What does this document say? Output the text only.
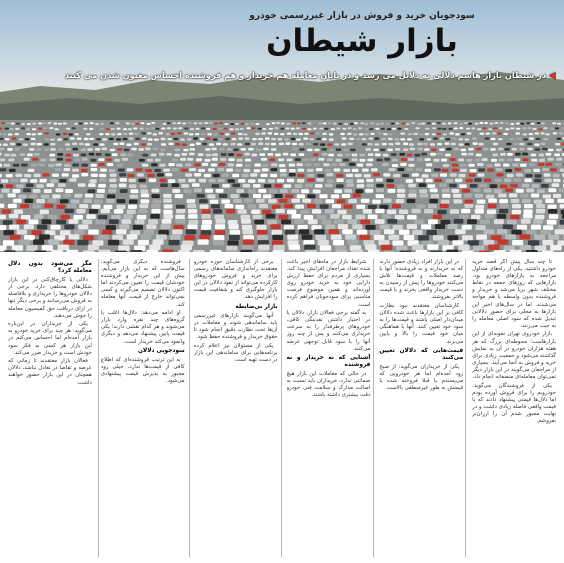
سودجویان خرید و فروش در بازار غیررسمی خودرو
بازار شیطان
◀در شیطان بازار هاسم دلالی به دلایل می رسد و در پایان معامله هم خریدار و هم فروشنده احساس مغبون شدن می کنند

تا چند سال پیش اگر قصد خرید خودرو داشتید، یکی از راه‌های متداول مراجعه به بازارهای خودرو بود. بازارهایی که روزهای جمعه در نقاط مختلف شهر برپا می‌شد و خریدار و فروشنده بدون واسطه با هم مواجه می‌شدند. اما در سال‌های اخیر این بازارها به محلی برای حضور دلالانی تبدیل شده که سود اصلی معامله را به جیب می‌زنند.

بازار خودروی تهران نمونه‌ای از این بازارهاست؛ محوطه‌ای بزرگ که هر هفته هزاران خودرو در آن به نمایش گذاشته می‌شود و جمعیت زیادی برای خرید و فروش به آنجا می‌آیند. بسیاری از مراجعان می‌گویند در این بازار دیگر نمی‌توان معامله‌ای منصفانه انجام داد.

یکی از فروشندگان می‌گوید: خودرویم را برای فروش آورده بودم اما دلال‌ها قیمتی پیشنهاد دادند که با قیمت واقعی فاصله زیادی داشت و در نهایت مجبور شدم آن را ارزان‌تر بفروشم.

در این بازار افراد زیادی حضور دارند که نه خریدارند و نه فروشنده؛ آنها با رصد معاملات و قیمت‌ها تلاش می‌کنند خودروها را پیش از رسیدن به دست خریدار واقعی بخرند و با قیمت بالاتر بفروشند.

کارشناسان معتقدند نبود نظارت کافی بر این بازارها باعث شده دلالان میدان‌دار اصلی باشند و قیمت‌ها را به سود خود تعیین کنند. آنها با هماهنگی میان خود قیمت را بالا و پایین می‌برند.

قیمت‌هایی که دلالان تعیین می‌کنند

یکی از خریداران می‌گوید: از صبح زود آمده‌ام اما هر خودرویی که می‌پسندم یا قبلا فروخته شده یا قیمتش به طور غیرمنطقی بالاست.

شرایط بازار در ماه‌های اخیر باعث شده تعداد مراجعان افزایش پیدا کند. بسیاری از مردم برای حفظ ارزش دارایی خود به خرید خودرو روی آورده‌اند و همین موضوع فرصت مناسبی برای سودجویان فراهم کرده است.

به گفته برخی فعالان بازار، دلالان با در اختیار داشتن نقدینگی کافی، خودروهای پرطرفدار را به سرعت خریداری می‌کنند و پس از چند روز آنها را با سود قابل توجهی عرضه می‌کنند.

آشنایی که نه خریدار و نه فروشنده

در حالی که معاملات این بازار هیچ ضمانتی ندارد، خریداران باید نسبت به اصالت مدارک و سلامت فنی خودرو دقت بیشتری داشته باشند.

برخی از کارشناسان حوزه خودرو معتقدند راه‌اندازی سامانه‌های رسمی برای خرید و فروش خودروهای کارکرده می‌تواند از نفوذ دلالان در این بازار جلوگیری کند و شفافیت قیمت را افزایش دهد.

بازار بی‌ضابطه

آنها می‌گویند بازارهای غیررسمی باید ساماندهی شوند و معاملات در آن‌ها تحت نظارت دقیق انجام شود تا حقوق خریدار و فروشنده حفظ شود.

یکی از مسئولان نیز اعلام کرده برنامه‌هایی برای ساماندهی این بازار در دست تهیه است.

فروشنده دیگری می‌گوید: سال‌هاست که به این بازار می‌آیم، پیش از این خریدار و فروشنده خودشان قیمت را تعیین می‌کردند اما اکنون دلالان تصمیم می‌گیرند و کسی نمی‌تواند خارج از قیمت آنها معامله کند.

او ادامه می‌دهد: دلال‌ها اغلب با گروه‌های چند نفره وارد بازار می‌شوند و هر کدام نقشی دارند؛ یکی قیمت پایین پیشنهاد می‌دهد و دیگری وانمود می‌کند خریدار است.

سودجویی دلالان

به این ترتیب فروشنده‌ای که اطلاع کافی از قیمت‌ها ندارد، خیلی زود مجبور به پذیرش قیمت پیشنهادی می‌شود.

مگر می‌شود بدون دلال معامله کرد؟

دلالی یا کارچاق‌کنی در این بازار شکل‌های مختلفی دارد. برخی از دلالان خودروها را خریداری و بلافاصله به فروش می‌رسانند و برخی دیگر تنها در ازای دریافت حق کمیسیون معامله را جوش می‌دهند.

یکی از خریداران در این‌باره می‌گوید: هر چند برای خرید خودرو به بازار آمده‌ام اما احساس می‌کنم در این بازار هر کسی به فکر سود خودش است و خریدار ضرر می‌کند.

فعالان بازار معتقدند تا زمانی که عرضه و تقاضا در تعادل نباشد، دلالان همچنان در این بازار حضور خواهند داشت.
